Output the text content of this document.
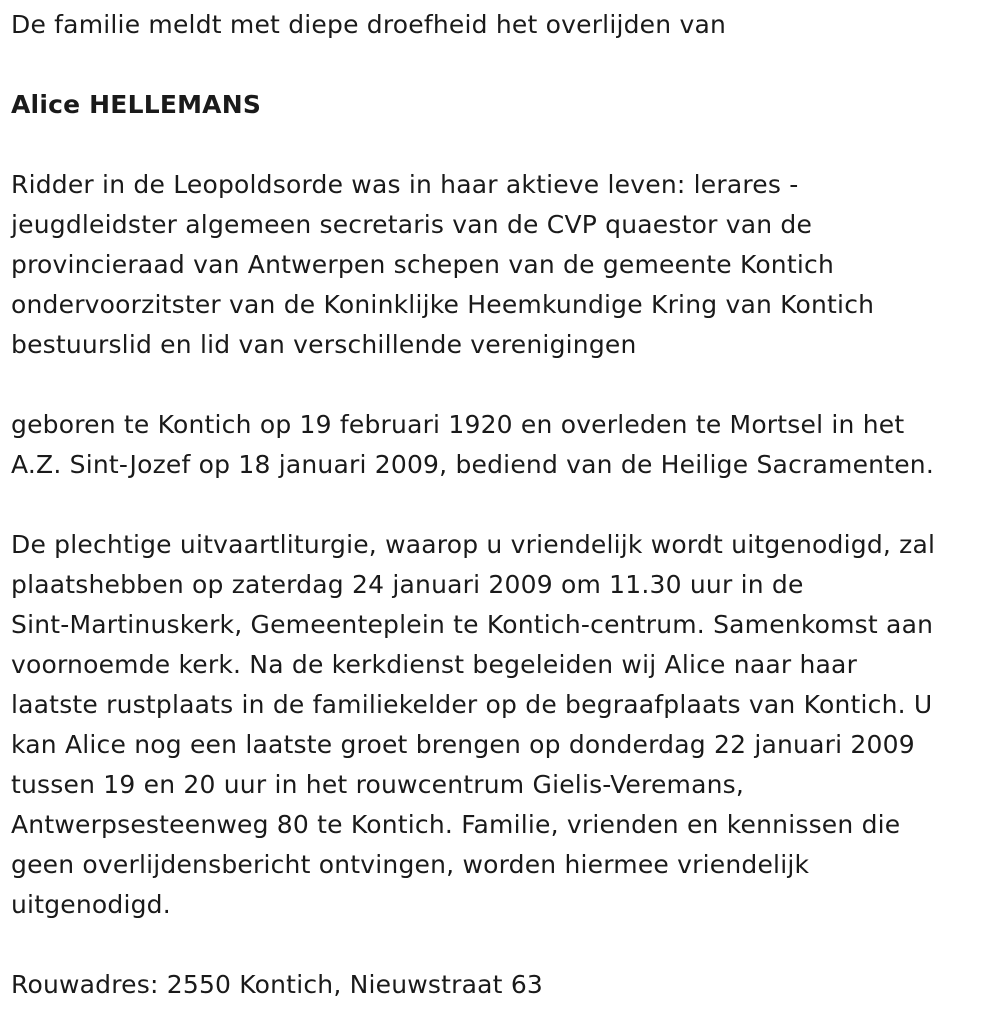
De familie meldt met diepe droefheid het overlijden van
Alice HELLEMANS
Ridder in de Leopoldsorde was in haar aktieve leven: lerares -
jeugdleidster algemeen secretaris van de CVP quaestor van de
provincieraad van Antwerpen schepen van de gemeente Kontich
ondervoorzitster van de Koninklijke Heemkundige Kring van Kontich
bestuurslid en lid van verschillende verenigingen
geboren te Kontich op 19 februari 1920 en overleden te Mortsel in het
A.Z. Sint-Jozef op 18 januari 2009, bediend van de Heilige Sacramenten.
De plechtige uitvaartliturgie, waarop u vriendelijk wordt uitgenodigd, zal
plaatshebben op zaterdag 24 januari 2009 om 11.30 uur in de
Sint-Martinuskerk, Gemeenteplein te Kontich-centrum. Samenkomst aan
voornoemde kerk. Na de kerkdienst begeleiden wij Alice naar haar
laatste rustplaats in de familiekelder op de begraafplaats van Kontich. U
kan Alice nog een laatste groet brengen op donderdag 22 januari 2009
tussen 19 en 20 uur in het rouwcentrum Gielis-Veremans,
Antwerpsesteenweg 80 te Kontich. Familie, vrienden en kennissen die
geen overlijdensbericht ontvingen, worden hiermee vriendelijk
uitgenodigd.
Rouwadres: 2550 Kontich, Nieuwstraat 63
